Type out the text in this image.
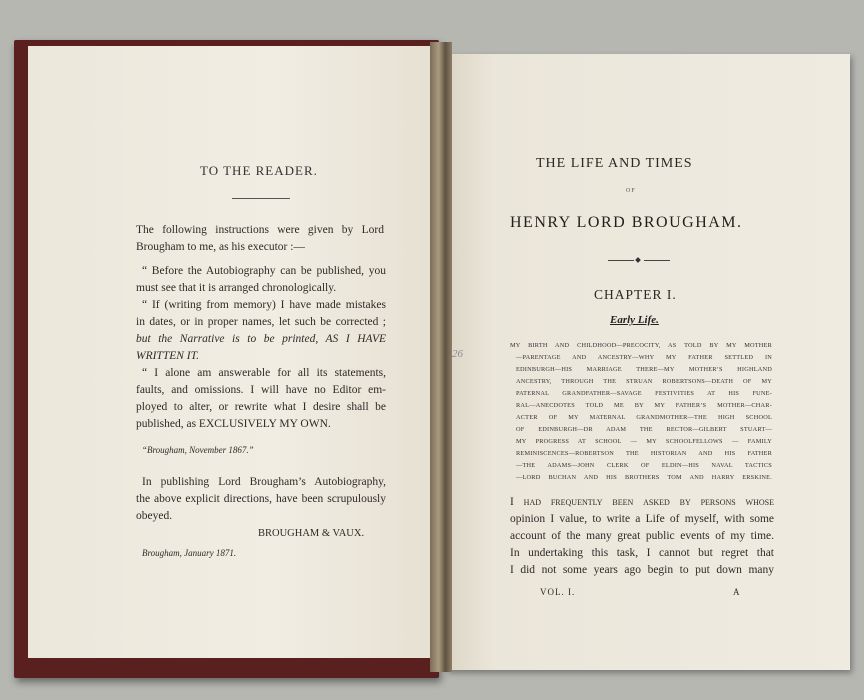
TO THE READER.
The following instructions were given by Lord
Brougham to me, as his executor :—
“ Before the Autobiography can be published, you
must see that it is arranged chronologically.
“ If (writing from memory) I have made mistakes
in dates, or in proper names, let such be corrected ;
but the Narrative is to be printed, AS I HAVE
WRITTEN IT.
“ I alone am answerable for all its statements,
faults, and omissions. I will have no Editor em-
ployed to alter, or rewrite what I desire shall be
published, as EXCLUSIVELY MY OWN.
“Brougham, November 1867.”
In publishing Lord Brougham’s Autobiography,
the above explicit directions, have been scrupulously
obeyed.
BROUGHAM & VAUX.
Brougham, January 1871.
THE LIFE AND TIMES
OF
HENRY LORD BROUGHAM.
CHAPTER I.
Early Life.
26
MY BIRTH AND CHILDHOOD—PRECOCITY, AS TOLD BY MY MOTHER
—PARENTAGE AND ANCESTRY—WHY MY FATHER SETTLED IN
EDINBURGH—HIS MARRIAGE THERE—MY MOTHER’S HIGHLAND
ANCESTRY, THROUGH THE STRUAN ROBERTSONS—DEATH OF MY
PATERNAL GRANDFATHER—SAVAGE FESTIVITIES AT HIS FUNE-
RAL—ANECDOTES TOLD ME BY MY FATHER’S MOTHER—CHAR-
ACTER OF MY MATERNAL GRANDMOTHER—THE HIGH SCHOOL
OF EDINBURGH—DR ADAM THE RECTOR—GILBERT STUART—
MY PROGRESS AT SCHOOL — MY SCHOOLFELLOWS — FAMILY
REMINISCENCES—ROBERTSON THE HISTORIAN AND HIS FATHER
—THE ADAMS—JOHN CLERK OF ELDIN—HIS NAVAL TACTICS
—LORD BUCHAN AND HIS BROTHERS TOM AND HARRY ERSKINE.
I had frequently been asked by persons whose
opinion I value, to write a Life of myself, with some
account of the many great public events of my time.
In undertaking this task, I cannot but regret that
I did not some years ago begin to put down many
VOL. I.	A
